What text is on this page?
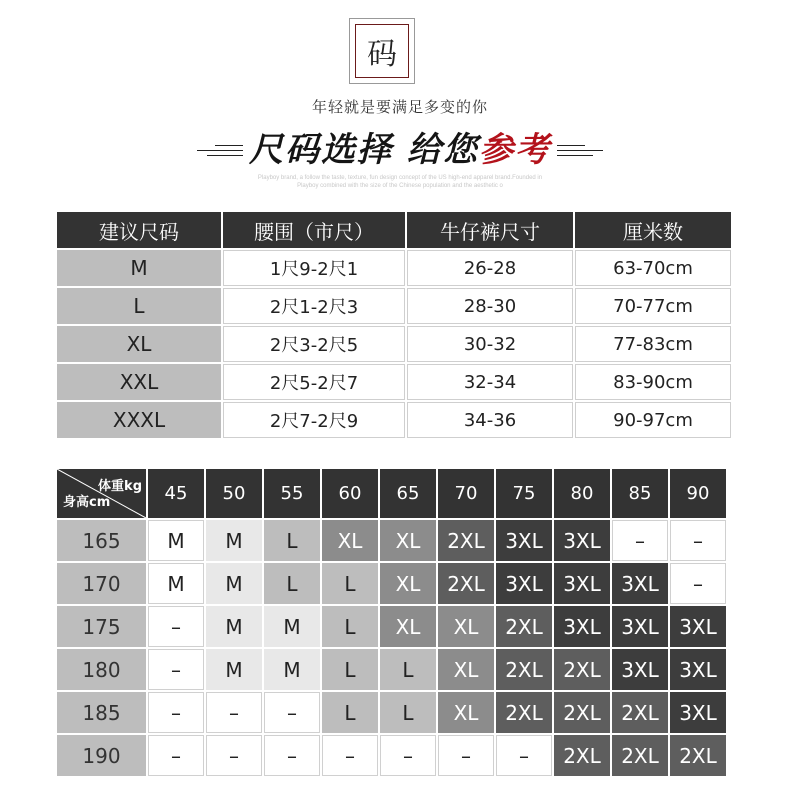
码
年轻就是要满足多变的你
尺码选择 给您参考
Playboy brand, a follow the taste, texture, fun design concept of the US high-end apparel brand.Founded in
Playboy combined with the size of the Chinese population and the aesthetic o
建议尺码	腰围（市尺）	牛仔裤尺寸	厘米数
M	1尺9-2尺1	26-28	63-70cm
L	2尺1-2尺3	28-30	70-77cm
XL	2尺3-2尺5	30-32	77-83cm
XXL	2尺5-2尺7	32-34	83-90cm
XXXL	2尺7-2尺9	34-36	90-97cm
体重kg
身高cm	45	50	55	60	65	70	75	80	85	90
165	M	M	L	XL	XL	2XL	3XL	3XL	–	–
170	M	M	L	L	XL	2XL	3XL	3XL	3XL	–
175	–	M	M	L	XL	XL	2XL	3XL	3XL	3XL
180	–	M	M	L	L	XL	2XL	2XL	3XL	3XL
185	–	–	–	L	L	XL	2XL	2XL	2XL	3XL
190	–	–	–	–	–	–	–	2XL	2XL	2XL
